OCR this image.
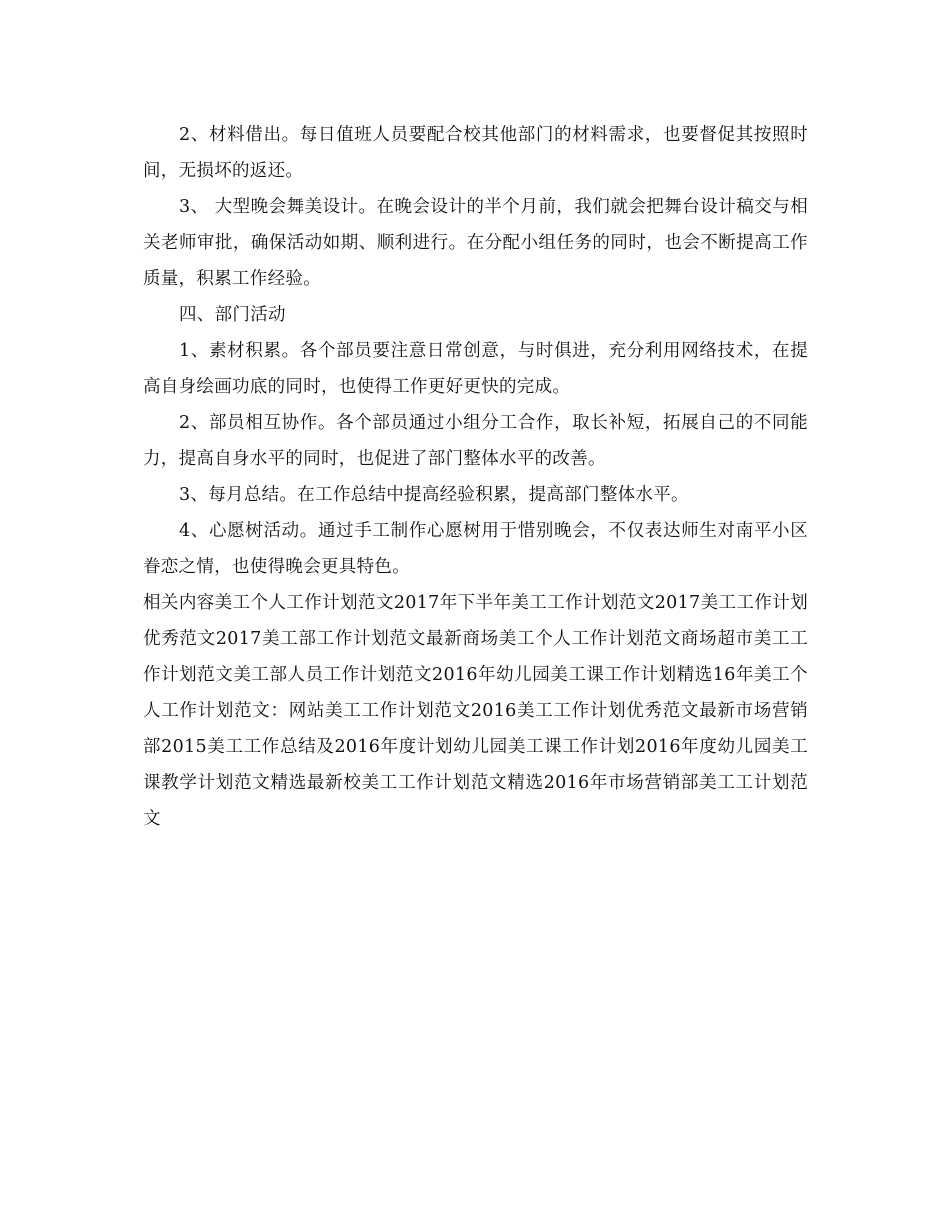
2、材料借出。每日值班人员要配合校其他部门的材料需求，也要督促其按照时间，无损坏的返还。

3、 大型晚会舞美设计。在晚会设计的半个月前，我们就会把舞台设计稿交与相关老师审批，确保活动如期、顺利进行。在分配小组任务的同时，也会不断提高工作质量，积累工作经验。

四、部门活动

1、素材积累。各个部员要注意日常创意，与时俱进，充分利用网络技术，在提高自身绘画功底的同时，也使得工作更好更快的完成。

2、部员相互协作。各个部员通过小组分工合作，取长补短，拓展自己的不同能力，提高自身水平的同时，也促进了部门整体水平的改善。

3、每月总结。在工作总结中提高经验积累，提高部门整体水平。

4、心愿树活动。通过手工制作心愿树用于惜别晚会，不仅表达师生对南平小区眷恋之情，也使得晚会更具特色。

相关内容美工个人工作计划范文2017年下半年美工工作计划范文2017美工工作计划优秀范文2017美工部工作计划范文最新商场美工个人工作计划范文商场超市美工工作计划范文美工部人员工作计划范文2016年幼儿园美工课工作计划精选16年美工个人工作计划范文：网站美工工作计划范文2016美工工作计划优秀范文最新市场营销部2015美工工作总结及2016年度计划幼儿园美工课工作计划2016年度幼儿园美工课教学计划范文精选最新校美工工作计划范文精选2016年市场营销部美工工计划范文
